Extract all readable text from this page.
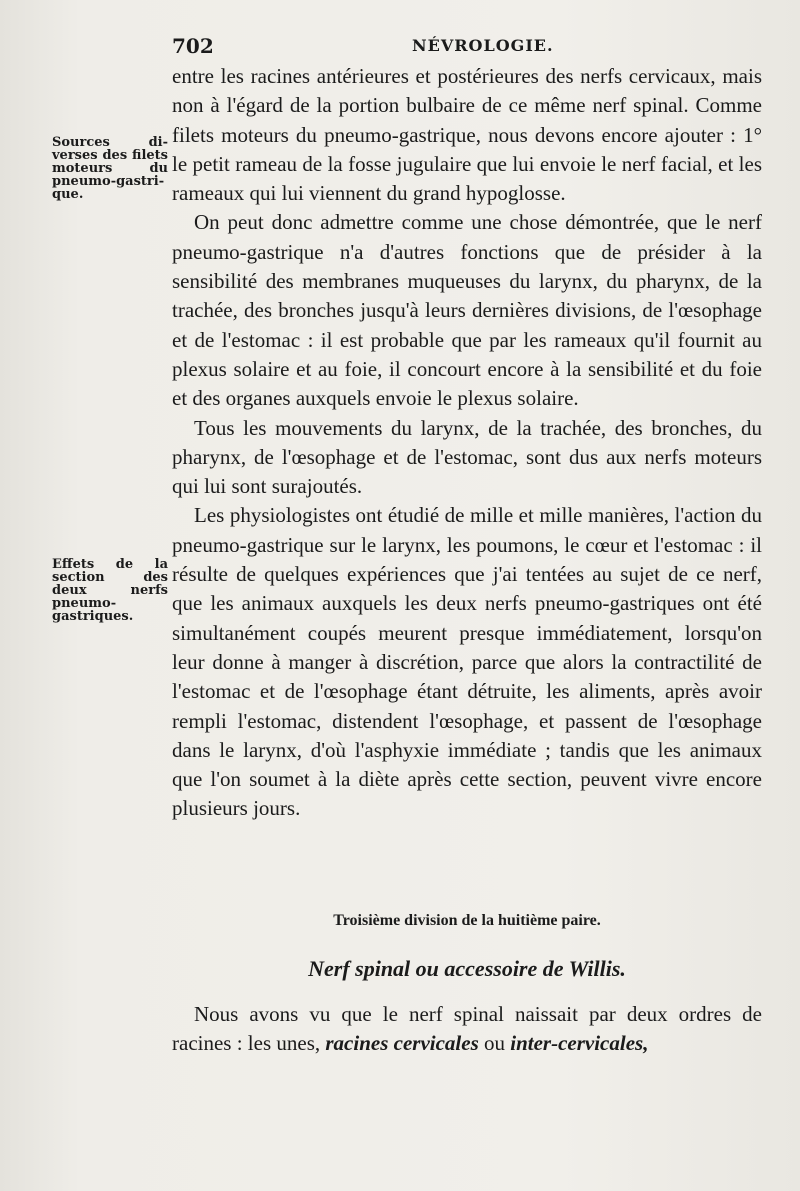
702	NÉVROLOGIE.
Sources di-verses des filets moteurs du pneumo-gastri-que.
Effets de la section des deux nerfs pneumo-gastriques.

entre les racines antérieures et postérieures des nerfs cervicaux, mais non à l'égard de la portion bulbaire de ce même nerf spinal. Comme filets moteurs du pneumo-gastrique, nous devons encore ajouter : 1° le petit rameau de la fosse jugulaire que lui envoie le nerf facial, et les rameaux qui lui viennent du grand hypoglosse.

On peut donc admettre comme une chose démontrée, que le nerf pneumo-gastrique n'a d'autres fonctions que de présider à la sensibilité des membranes muqueuses du larynx, du pharynx, de la trachée, des bronches jusqu'à leurs dernières divisions, de l'œsophage et de l'estomac : il est probable que par les rameaux qu'il fournit au plexus solaire et au foie, il concourt encore à la sensibilité et du foie et des organes auxquels envoie le plexus solaire.

Tous les mouvements du larynx, de la trachée, des bronches, du pharynx, de l'œsophage et de l'estomac, sont dus aux nerfs moteurs qui lui sont surajoutés.

Les physiologistes ont étudié de mille et mille manières, l'action du pneumo-gastrique sur le larynx, les poumons, le cœur et l'estomac : il résulte de quelques expériences que j'ai tentées au sujet de ce nerf, que les animaux auxquels les deux nerfs pneumo-gastriques ont été simultanément coupés meurent presque immédiatement, lorsqu'on leur donne à manger à discrétion, parce que alors la contractilité de l'estomac et de l'œsophage étant détruite, les aliments, après avoir rempli l'estomac, distendent l'œsophage, et passent de l'œsophage dans le larynx, d'où l'asphyxie immédiate ; tandis que les animaux que l'on soumet à la diète après cette section, peuvent vivre encore plusieurs jours.

Troisième division de la huitième paire.
Nerf spinal ou accessoire de Willis.

Nous avons vu que le nerf spinal naissait par deux ordres de racines : les unes, racines cervicales ou inter-cervicales,
